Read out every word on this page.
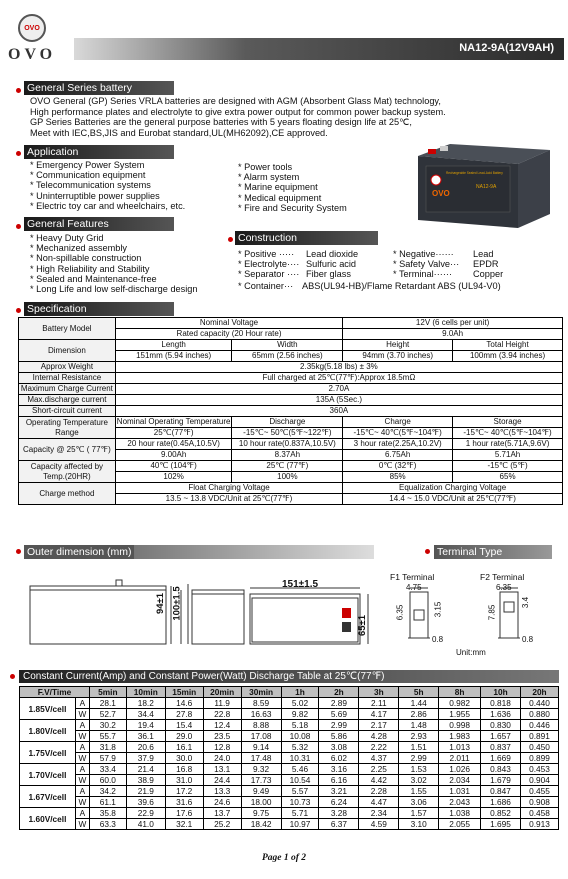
OVO
OVO	NA12-9A(12V9AH)
General Series battery
OVO General (GP) Series VRLA batteries are designed with AGM (Absorbent Glass Mat) technology,
High performance plates and electrolyte to give extra power output for common power backup system.
GP Series Batteries are the general purpose batteries with 5 years floating design life at 25℃,
Meet with IEC,BS,JIS and Eurobat standard,UL(MH62092),CE approved.
Application
* Emergency Power System
* Communication equipment
* Telecommunication systems
* Uninterruptible power supplies
* Electric toy car and wheelchairs, etc.
* Power tools
* Alarm system
* Marine equipment
* Medical equipment
* Fire and Security System
OVO
Rechargeable Sealed Lead-Acid Battery
NA12-9A
General Features
* Heavy Duty Grid
* Mechanized assembly
* Non-spillable construction
* High Reliability and Stability
* Sealed and Maintenance-free
* Long Life and low self-discharge design
Construction
* Positive ····· Lead dioxide
* Electrolyte···· Sulfuric acid
* Separator ···· Fiber glass
* Negative······ Lead
* Safety Valve··· EPDR
* Terminal······ Copper
* Container··· ABS(UL94-HB)/Flame Retardant ABS (UL94-V0)
Specification
Battery Model	Nominal Voltage		12V (6 cells per unit)	
	Rated capacity (20 Hour rate)		9.0Ah	
Dimension	Length	Width	Height	Total Height
	151mm (5.94 inches)	65mm (2.56 inches)	94mm (3.70 inches)	100mm (3.94 inches)
Approx Weight	2.35kg(5.18 lbs) ± 3%			
Internal Resistance	Full charged at 25℃(77℉):Approx 18.5mΩ			
Maximum Charge Current	2.70A			
Max.discharge current	135A (5Sec.)			
Short-circuit current	360A			
Operating Temperature Range	Nominal Operating Temperature	Discharge	Charge	Storage
	25℃(77℉)	-15℃~ 50℃(5℉~122℉)	-15℃~ 40℃(5℉~104℉)	-15℃~ 40℃(5℉~104℉)
Capacity @ 25℃ ( 77℉)	20 hour rate(0.45A,10.5V)	10 hour rate(0.837A,10.5V)	3 hour rate(2.25A,10.2V)	1 hour rate(5.71A,9.6V)
	9.00Ah	8.37Ah	6.75Ah	5.71Ah
Capacity affected by Temp.(20HR)	40℃ (104℉)	25℃ (77℉)	0℃ (32℉)	-15℃ (5℉)
	102%	100%	85%	65%
Charge method	Float Charging Voltage		Equalization Charging Voltage	
	13.5 ~ 13.8 VDC/Unit at 25℃(77℉)		14.4 ~ 15.0 VDC/Unit at 25℃(77℉)	
Outer dimension (mm)
94±1 100±1.5
151±1.5
65±1
Terminal Type
F1 Terminal	F2 Terminal
4.75
6.35	3.15
0.8
6.35
7.85
3.4
0.8
Unit:mm
Constant Current(Amp) and Constant Power(Watt) Discharge Table at 25℃(77℉)
F.V/Time		5min	10min	15min	20min	30min	1h	2h	3h	5h	8h	10h	20h
1.85V/cell	A	28.1	18.2	14.6	11.9	8.59	5.02	2.89	2.11	1.44	0.982	0.818	0.440
	W	52.7	34.4	27.8	22.8	16.63	9.82	5.69	4.17	2.86	1.955	1.636	0.880
1.80V/cell	A	30.2	19.4	15.4	12.4	8.88	5.18	2.99	2.17	1.48	0.998	0.830	0.446
	W	55.7	36.1	29.0	23.5	17.08	10.08	5.86	4.28	2.93	1.983	1.657	0.891
1.75V/cell	A	31.8	20.6	16.1	12.8	9.14	5.32	3.08	2.22	1.51	1.013	0.837	0.450
	W	57.9	37.9	30.0	24.0	17.48	10.31	6.02	4.37	2.99	2.011	1.669	0.899
1.70V/cell	A	33.4	21.4	16.8	13.1	9.32	5.46	3.16	2.25	1.53	1.026	0.843	0.453
	W	60.0	38.9	31.0	24.4	17.73	10.54	6.16	4.42	3.02	2.034	1.679	0.904
1.67V/cell	A	34.2	21.9	17.2	13.3	9.49	5.57	3.21	2.28	1.55	1.031	0.847	0.455
	W	61.1	39.6	31.6	24.6	18.00	10.73	6.24	4.47	3.06	2.043	1.686	0.908
1.60V/cell	A	35.8	22.9	17.6	13.7	9.75	5.71	3.28	2.34	1.57	1.038	0.852	0.458
	W	63.3	41.0	32.1	25.2	18.42	10.97	6.37	4.59	3.10	2.055	1.695	0.913
Page 1 of 2
